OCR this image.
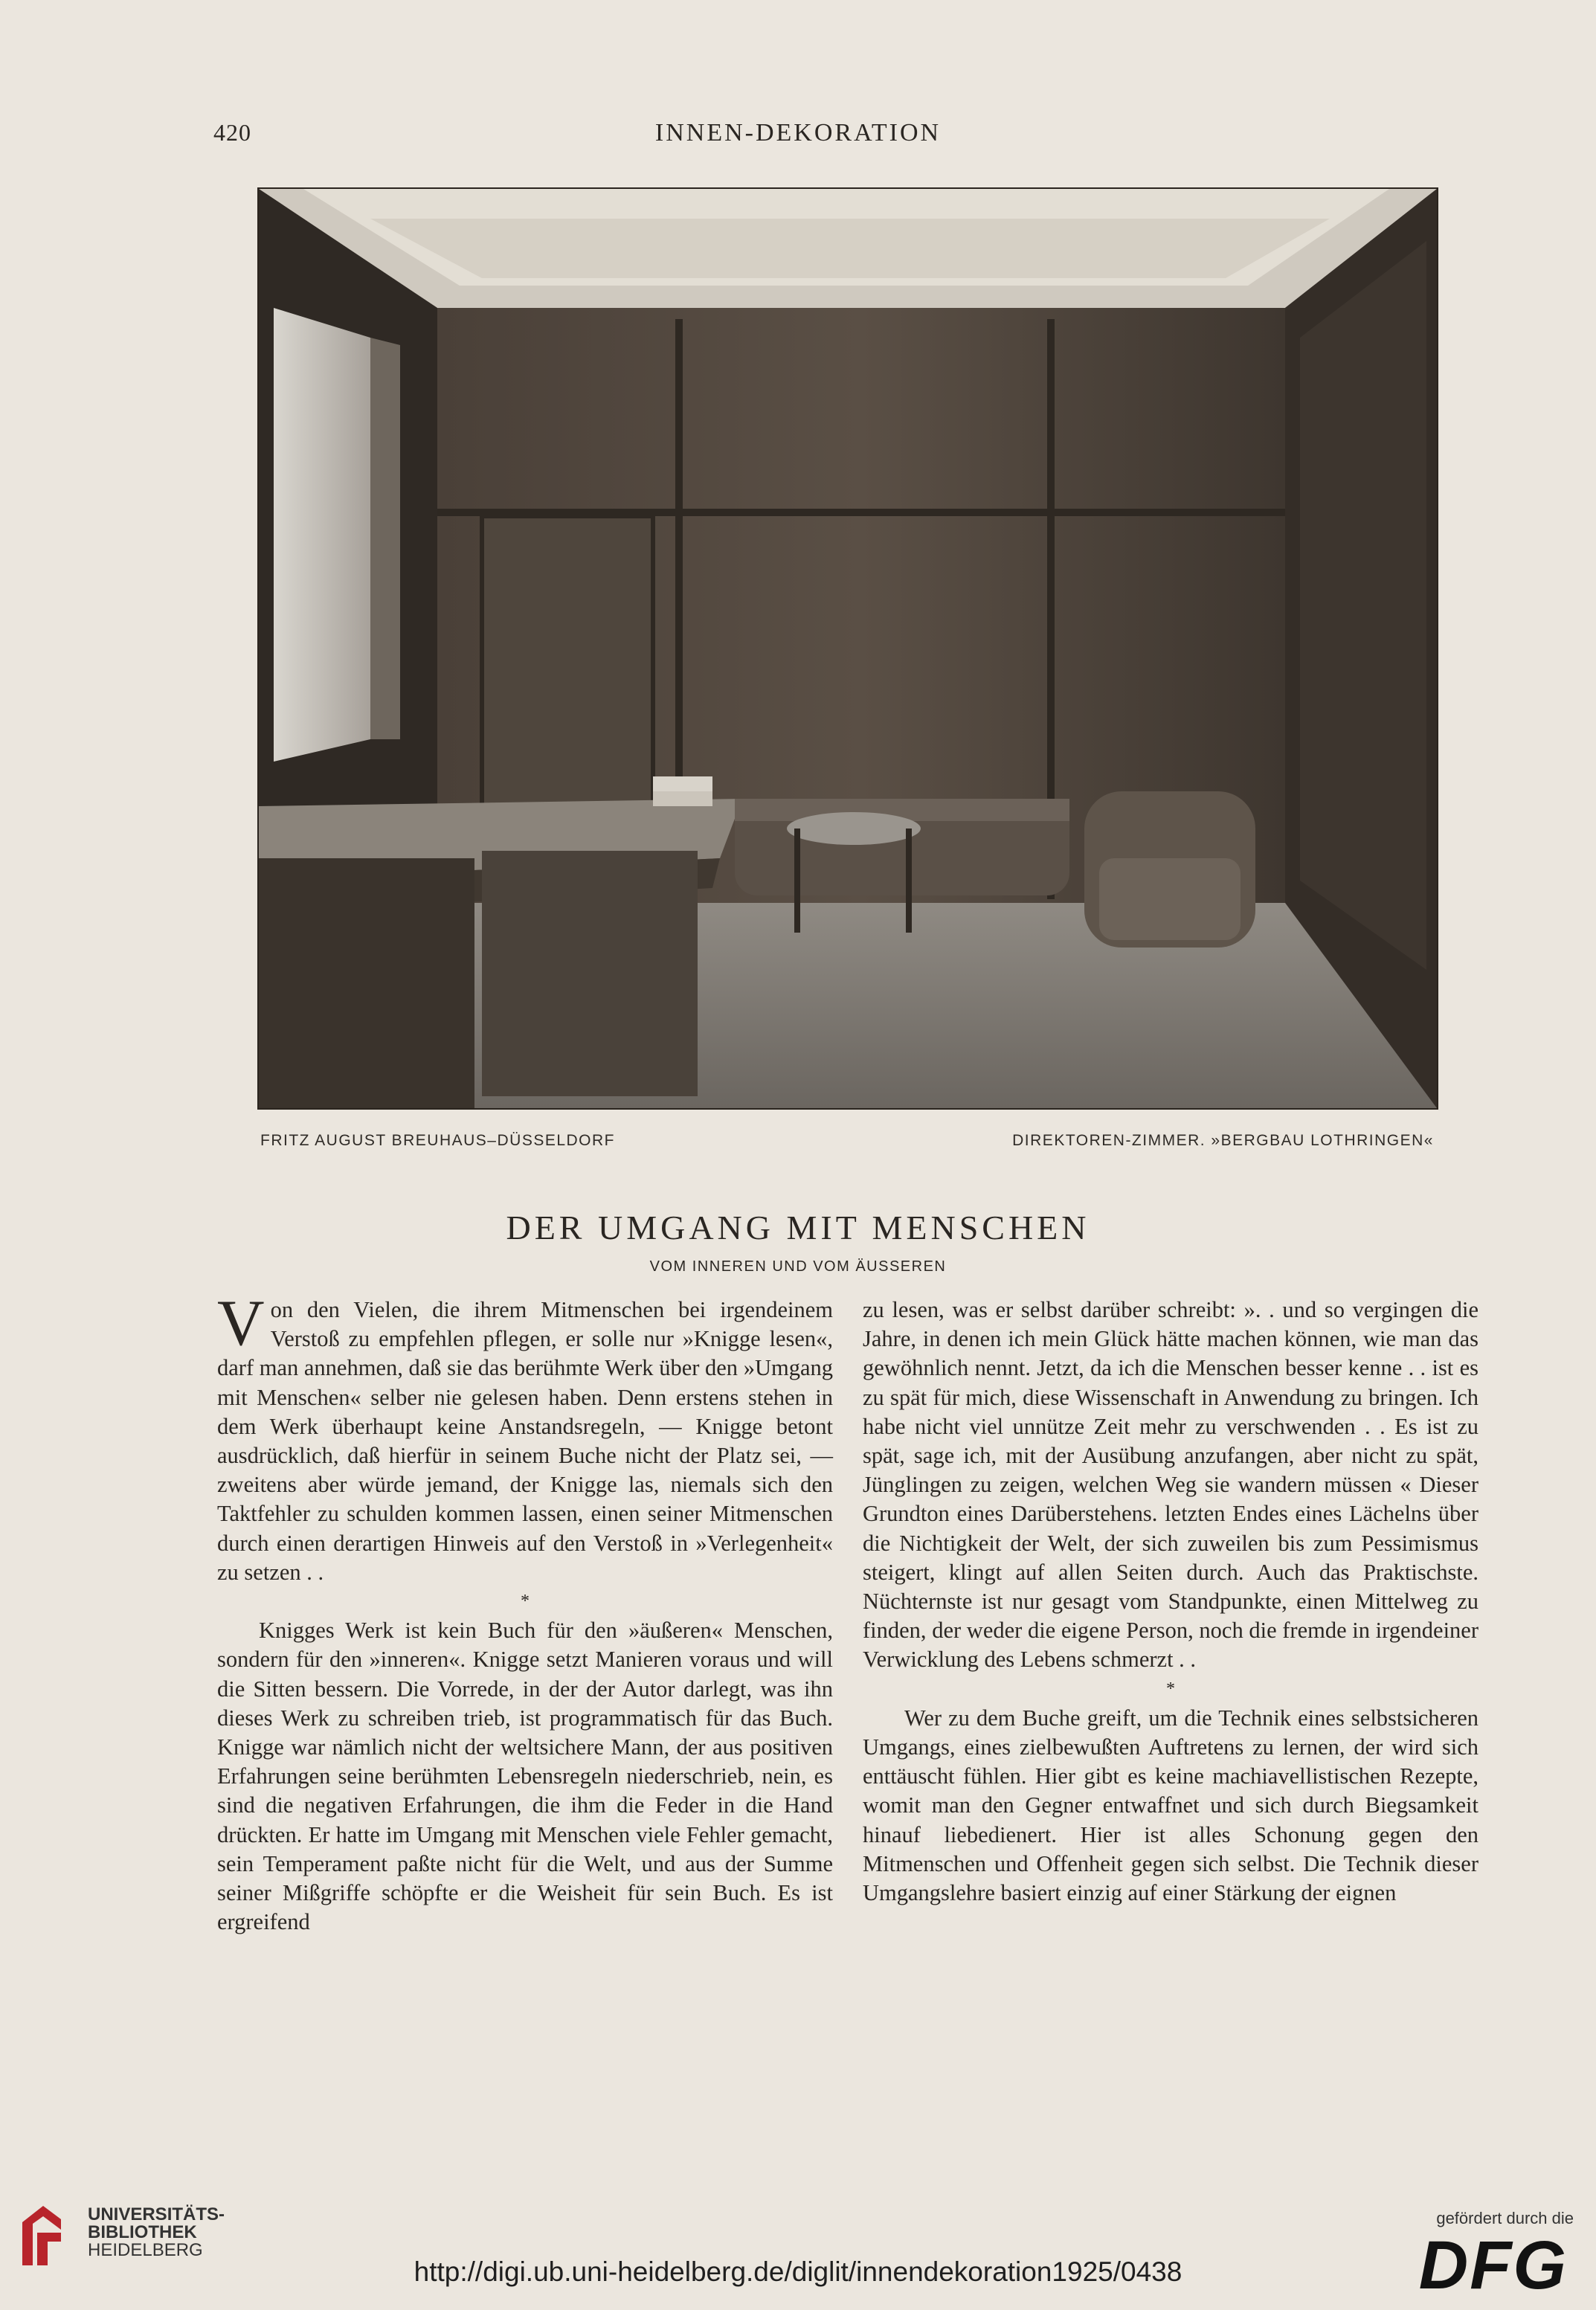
420	INNEN-DEKORATION
FRITZ AUGUST BREUHAUS–DÜSSELDORF	DIREKTOREN-ZIMMER. »BERGBAU LOTHRINGEN«
DER UMGANG MIT MENSCHEN
VOM INNEREN UND VOM ÄUSSEREN

Von den Vielen, die ihrem Mitmenschen bei irgendeinem Verstoß zu empfehlen pflegen, er solle nur »Knigge lesen«, darf man annehmen, daß sie das berühmte Werk über den »Umgang mit Menschen« selber nie gelesen haben. Denn erstens stehen in dem Werk überhaupt keine Anstandsregeln, — Knigge betont ausdrücklich, daß hierfür in seinem Buche nicht der Platz sei, — zweitens aber würde jemand, der Knigge las, niemals sich den Taktfehler zu schulden kommen lassen, einen seiner Mitmenschen durch einen derartigen Hinweis auf den Verstoß in »Verlegenheit« zu setzen . .

*

Knigges Werk ist kein Buch für den »äußeren« Menschen, sondern für den »inneren«. Knigge setzt Manieren voraus und will die Sitten bessern. Die Vorrede, in der der Autor darlegt, was ihn dieses Werk zu schreiben trieb, ist programmatisch für das Buch. Knigge war nämlich nicht der weltsichere Mann, der aus positiven Erfahrungen seine berühmten Lebensregeln niederschrieb, nein, es sind die negativen Erfahrungen, die ihm die Feder in die Hand drückten. Er hatte im Umgang mit Menschen viele Fehler gemacht, sein Temperament paßte nicht für die Welt, und aus der Summe seiner Mißgriffe schöpfte er die Weisheit für sein Buch. Es ist ergreifend

zu lesen, was er selbst darüber schreibt: ». . und so vergingen die Jahre, in denen ich mein Glück hätte machen können, wie man das gewöhnlich nennt. Jetzt, da ich die Menschen besser kenne . . ist es zu spät für mich, diese Wissenschaft in Anwendung zu bringen. Ich habe nicht viel unnütze Zeit mehr zu verschwenden . . Es ist zu spät, sage ich, mit der Ausübung anzufangen, aber nicht zu spät, Jünglingen zu zeigen, welchen Weg sie wandern müssen « Dieser Grundton eines Darüberstehens. letzten Endes eines Lächelns über die Nichtigkeit der Welt, der sich zuweilen bis zum Pessimismus steigert, klingt auf allen Seiten durch. Auch das Praktischste. Nüchternste ist nur gesagt vom Standpunkte, einen Mittelweg zu finden, der weder die eigene Person, noch die fremde in irgendeiner Verwicklung des Lebens schmerzt . .

*

Wer zu dem Buche greift, um die Technik eines selbstsicheren Umgangs, eines zielbewußten Auftretens zu lernen, der wird sich enttäuscht fühlen. Hier gibt es keine machiavellistischen Rezepte, womit man den Gegner entwaffnet und sich durch Biegsamkeit hinauf liebedienert. Hier ist alles Schonung gegen den Mitmenschen und Offenheit gegen sich selbst. Die Technik dieser Umgangslehre basiert einzig auf einer Stärkung der eignen

UNIVERSITÄTS-
BIBLIOTHEK
HEIDELBERG
http://digi.ub.uni-heidelberg.de/diglit/innendekoration1925/0438
gefördert durch die
DFG
